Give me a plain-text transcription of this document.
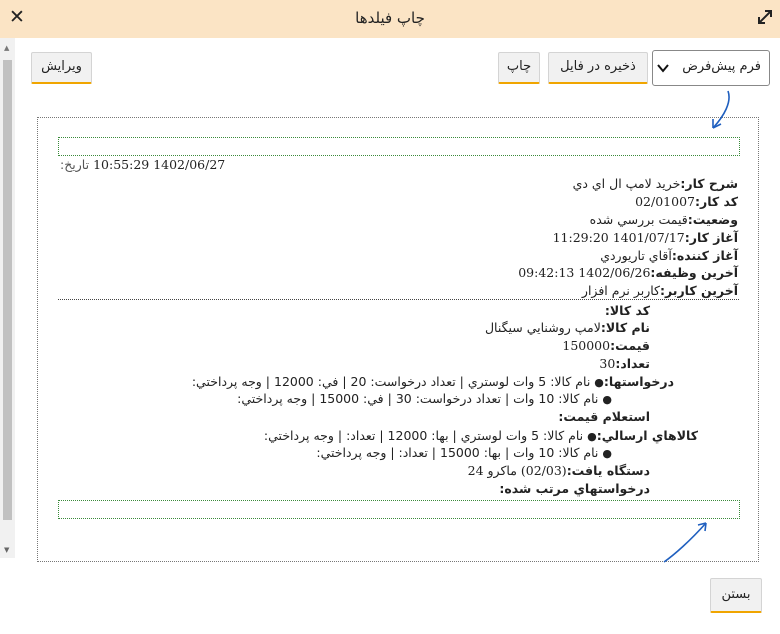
✕	چاپ فیلدها
▲
▼
ويرايش	چاپ	ذخیره در فایل	فرم پيش‌فرض
1402/06/27 10:55:29 تاريخ:
شرح كار:خريد لامپ ال اي دي
كد كار:02/01007
وضعيت:قيمت بررسي شده
آغاز كار:1401/07/17 11:29:20
آغاز كننده:آقاي تاريوردي
آخرين وظيفه:1402/06/26 09:42:13
آخرين كاربر:كاربر نرم افزار
كد كالا:
نام كالا:لامپ روشنايي سيگنال
قيمت:150000
تعداد:30
درخواستها:● نام كالا: 5 وات لوستري | تعداد درخواست: 20 | في: 12000 | وجه پرداختي:
● نام كالا: 10 وات | تعداد درخواست: 30 | في: 15000 | وجه پرداختي:
استعلام قيمت:
كالاهاي ارسالي:● نام كالا: 5 وات لوستري | بها: 12000 | تعداد: | وجه پرداختي:
● نام كالا: 10 وات | بها: 15000 | تعداد: | وجه پرداختي:
دستگاه يافت:(02/03) ماكرو 24
درخواستهاي مرتب شده:
بستن
